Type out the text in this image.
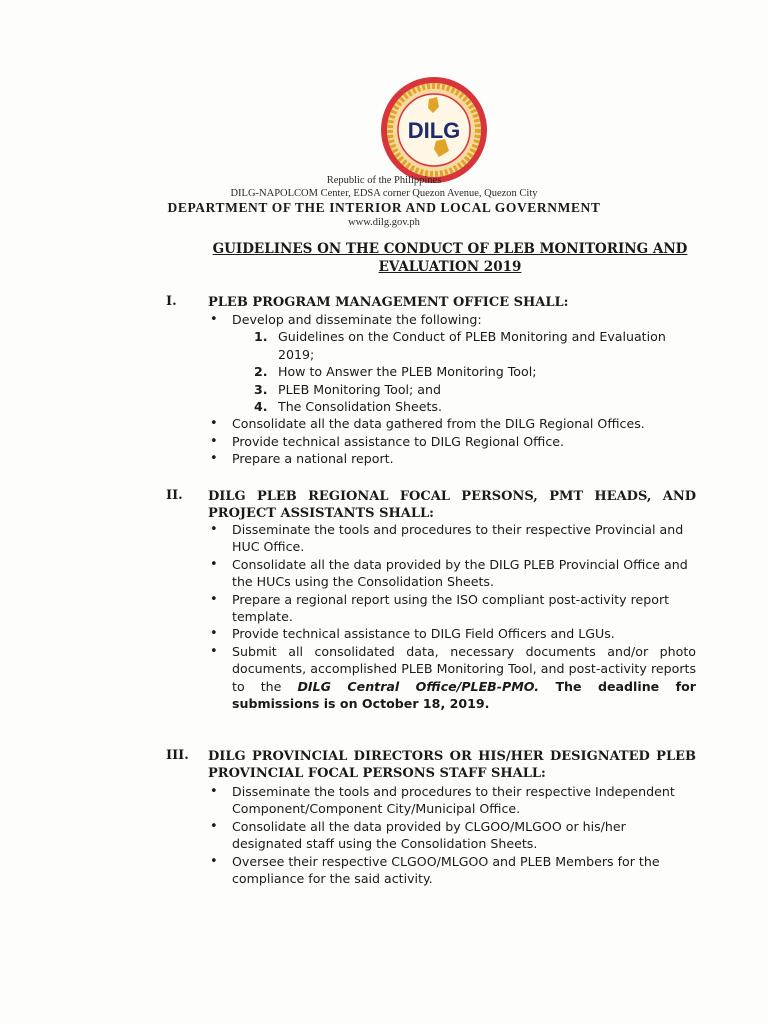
DILG
Republic of the Philippines
DILG-NAPOLCOM Center, EDSA corner Quezon Avenue, Quezon City
DEPARTMENT OF THE INTERIOR AND LOCAL GOVERNMENT
www.dilg.gov.ph
GUIDELINES ON THE CONDUCT OF PLEB MONITORING AND
EVALUATION 2019
I. PLEB PROGRAM MANAGEMENT OFFICE SHALL:
• Develop and disseminate the following:
1. Guidelines on the Conduct of PLEB Monitoring and Evaluation 2019;
2. How to Answer the PLEB Monitoring Tool;
3. PLEB Monitoring Tool; and
4. The Consolidation Sheets.
• Consolidate all the data gathered from the DILG Regional Offices.
• Provide technical assistance to DILG Regional Office.
• Prepare a national report.
II. DILG PLEB REGIONAL FOCAL PERSONS, PMT HEADS, AND PROJECT ASSISTANTS SHALL:
• Disseminate the tools and procedures to their respective Provincial and HUC Office.
• Consolidate all the data provided by the DILG PLEB Provincial Office and the HUCs using the Consolidation Sheets.
• Prepare a regional report using the ISO compliant post-activity report template.
• Provide technical assistance to DILG Field Officers and LGUs.
• Submit all consolidated data, necessary documents and/or photo documents, accomplished PLEB Monitoring Tool, and post-activity reports to the DILG Central Office/PLEB-PMO. The deadline for submissions is on October 18, 2019.
III. DILG PROVINCIAL DIRECTORS OR HIS/HER DESIGNATED PLEB PROVINCIAL FOCAL PERSONS STAFF SHALL:
• Disseminate the tools and procedures to their respective Independent Component/Component City/Municipal Office.
• Consolidate all the data provided by CLGOO/MLGOO or his/her designated staff using the Consolidation Sheets.
• Oversee their respective CLGOO/MLGOO and PLEB Members for the compliance for the said activity.
